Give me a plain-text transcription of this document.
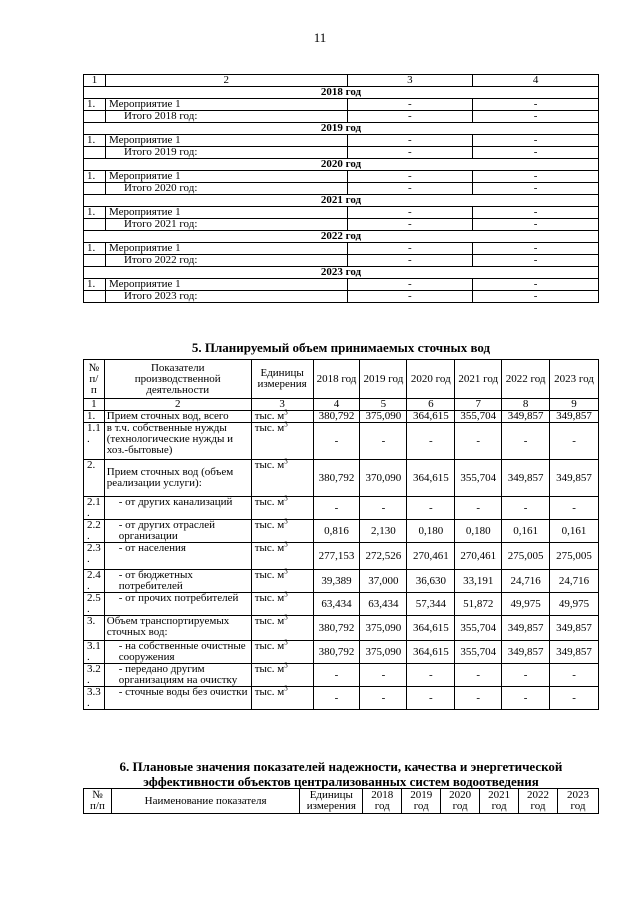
11
1	2	3	4
2018 год			
1.	Мероприятие 1	-	-
	Итого 2018 год:	-	-
2019 год			
1.	Мероприятие 1	-	-
	Итого 2019 год:	-	-
2020 год			
1.	Мероприятие 1	-	-
	Итого 2020 год:	-	-
2021 год			
1.	Мероприятие 1	-	-
	Итого 2021 год:	-	-
2022 год			
1.	Мероприятие 1	-	-
	Итого 2022 год:	-	-
2023 год			
1.	Мероприятие 1	-	-
	Итого 2023 год:	-	-
5. Планируемый объем принимаемых сточных вод
№ п/ п	Показатели производственной деятельности	Единицы измерения	2018 год	2019 год	2020 год	2021 год	2022 год	2023 год
1	2	3	4	5	6	7	8	9
1.	Прием сточных вод, всего	тыс. $м^3$	380,792	375,090	364,615	355,704	349,857	349,857
1.1 .	в т.ч. собственные нужды (технологические нужды и хоз.-бытовые)	тыс. $м^3$	-	-	-	-	-	-
2.	Прием сточных вод (объем реализации услуги):	тыс. $м^3$	380,792	370,090	364,615	355,704	349,857	349,857
2.1 .	- от других канализаций	тыс. $м^3$	-	-	-	-	-	-
2.2 .	- от других отраслей организации	тыс. $м^3$	0,816	2,130	0,180	0,180	0,161	0,161
2.3 .	- от населения	тыс. $м^3$	277,153	272,526	270,461	270,461	275,005	275,005
2.4 .	- от бюджетных потребителей	тыс. $м^3$	39,389	37,000	36,630	33,191	24,716	24,716
2.5 .	- от прочих потребителей	тыс. $м^3$	63,434	63,434	57,344	51,872	49,975	49,975
3.	Объем транспортируемых сточных вод:	тыс. $м^3$	380,792	375,090	364,615	355,704	349,857	349,857
3.1 .	- на собственные очистные сооружения	тыс. $м^3$	380,792	375,090	364,615	355,704	349,857	349,857
3.2 .	- передано другим организациям на очистку	тыс. $м^3$	-	-	-	-	-	-
3.3 .	- сточные воды без очистки	тыс. $м^3$	-	-	-	-	-	-
6. Плановые значения показателей надежности, качества и энергетической эффективности объектов централизованных систем водоотведения
№ п/п	Наименование показателя	Единицы измерения	2018 год	2019 год	2020 год	2021 год	2022 год	2023 год
